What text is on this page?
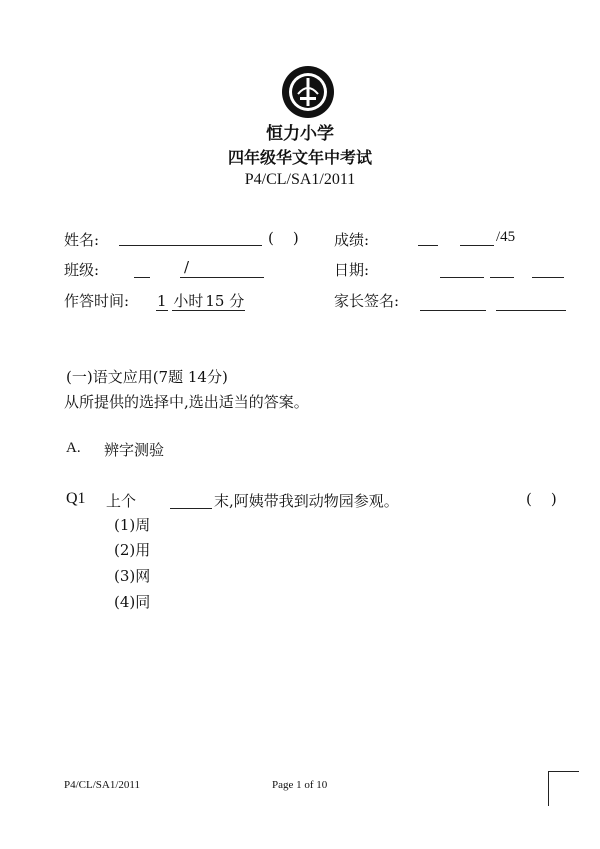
恒力小学
四年级华文年中考试
P4/CL/SA1/2011
姓名:	(    ) 成绩:	/45
班级:	/	日期:
作答时间: 1 小时 15 分	家长签名:
(一)语文应用(7题 14分)
从所提供的选择中,选出适当的答案。
A. 辨字测验
Q1 上个	末,阿姨带我到动物园参观。	(    )
(1)周
(2)用
(3)网
(4)同
P4/CL/SA1/2011	Page 1 of 10
